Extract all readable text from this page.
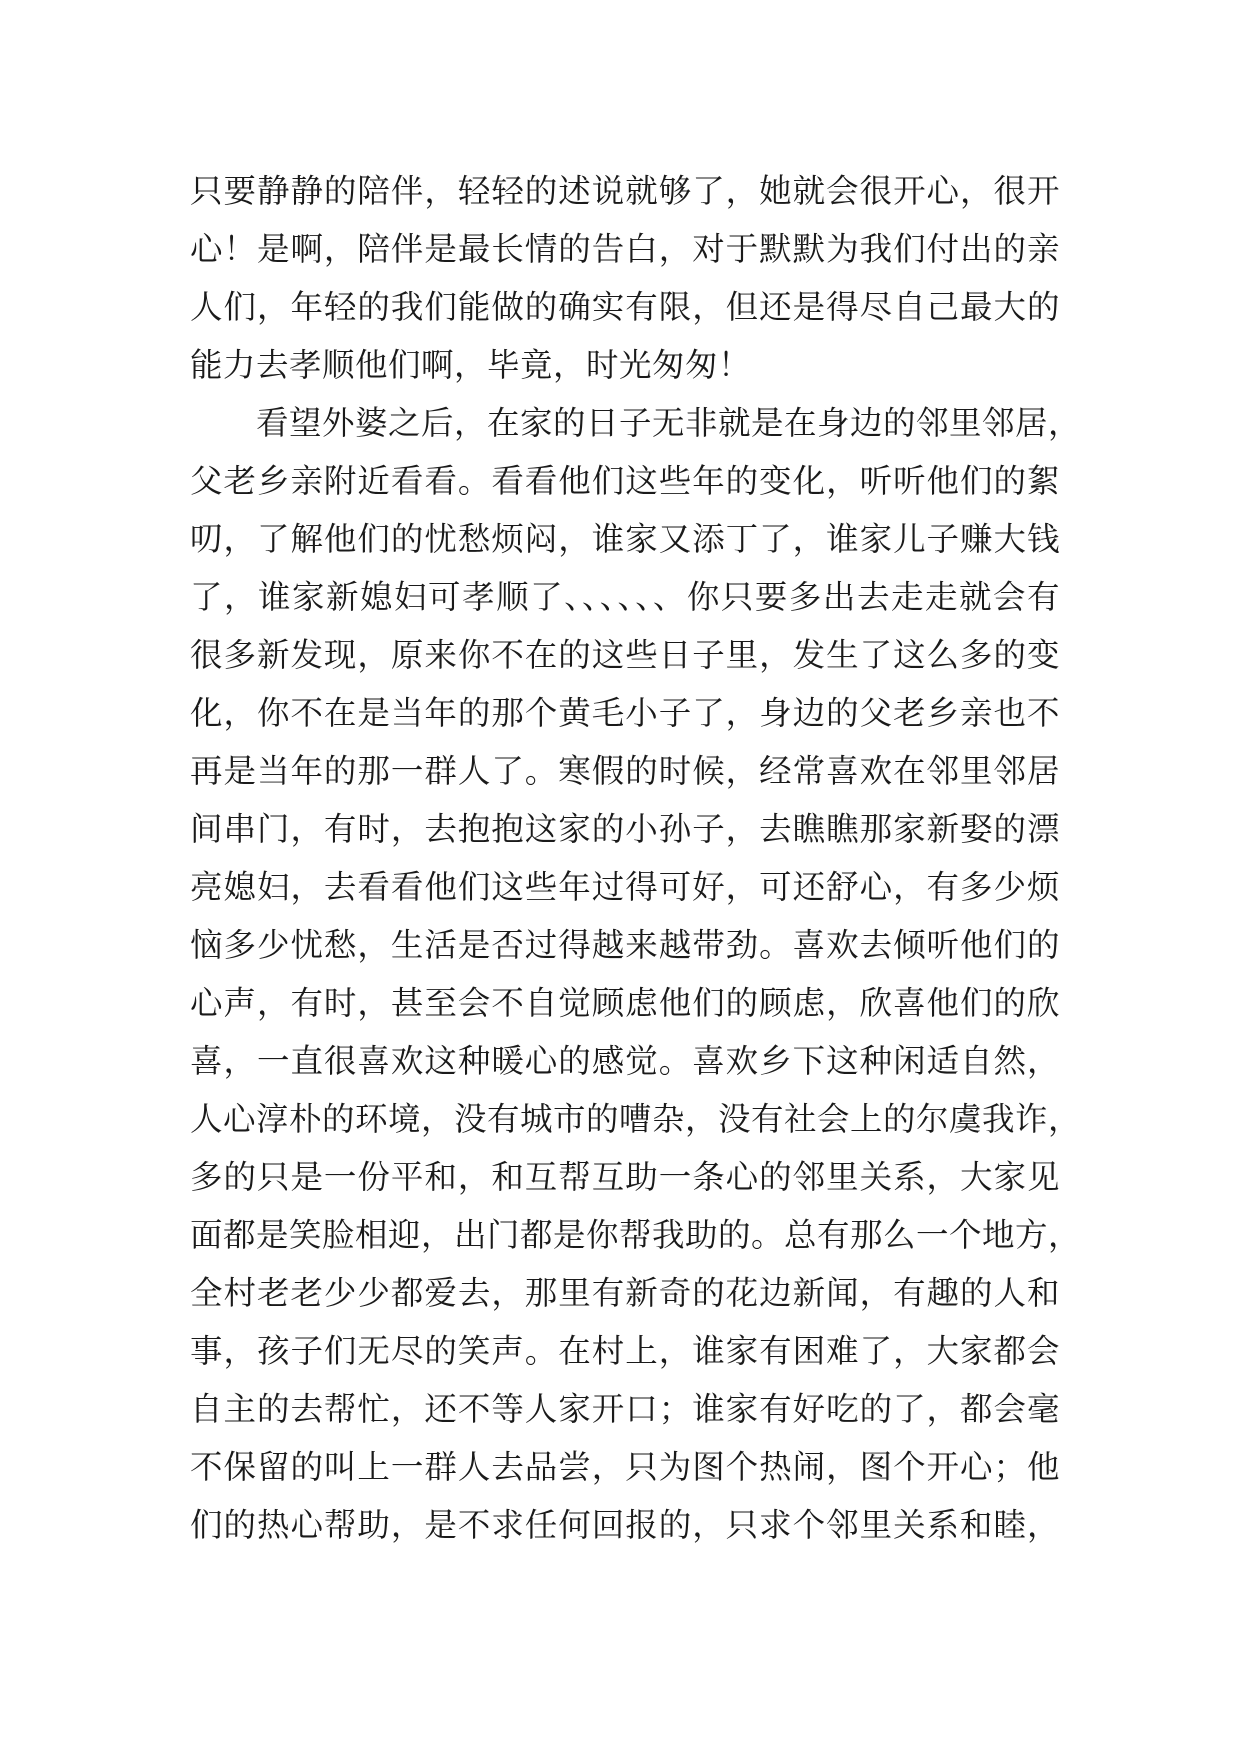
只要静静的陪伴，轻轻的述说就够了，她就会很开心，很开
心！是啊，陪伴是最长情的告白，对于默默为我们付出的亲
人们，年轻的我们能做的确实有限，但还是得尽自己最大的
能力去孝顺他们啊，毕竟，时光匆匆！
　　看望外婆之后，在家的日子无非就是在身边的邻里邻居，
父老乡亲附近看看。看看他们这些年的变化，听听他们的絮
叨，了解他们的忧愁烦闷，谁家又添丁了，谁家儿子赚大钱
了，谁家新媳妇可孝顺了、、、、、、你只要多出去走走就会有
很多新发现，原来你不在的这些日子里，发生了这么多的变
化，你不在是当年的那个黄毛小子了，身边的父老乡亲也不
再是当年的那一群人了。寒假的时候，经常喜欢在邻里邻居
间串门，有时，去抱抱这家的小孙子，去瞧瞧那家新娶的漂
亮媳妇，去看看他们这些年过得可好，可还舒心，有多少烦
恼多少忧愁，生活是否过得越来越带劲。喜欢去倾听他们的
心声，有时，甚至会不自觉顾虑他们的顾虑，欣喜他们的欣
喜，一直很喜欢这种暖心的感觉。喜欢乡下这种闲适自然，
人心淳朴的环境，没有城市的嘈杂，没有社会上的尔虞我诈，
多的只是一份平和，和互帮互助一条心的邻里关系，大家见
面都是笑脸相迎，出门都是你帮我助的。总有那么一个地方，
全村老老少少都爱去，那里有新奇的花边新闻，有趣的人和
事，孩子们无尽的笑声。在村上，谁家有困难了，大家都会
自主的去帮忙，还不等人家开口；谁家有好吃的了，都会毫
不保留的叫上一群人去品尝，只为图个热闹，图个开心；他
们的热心帮助，是不求任何回报的，只求个邻里关系和睦，
